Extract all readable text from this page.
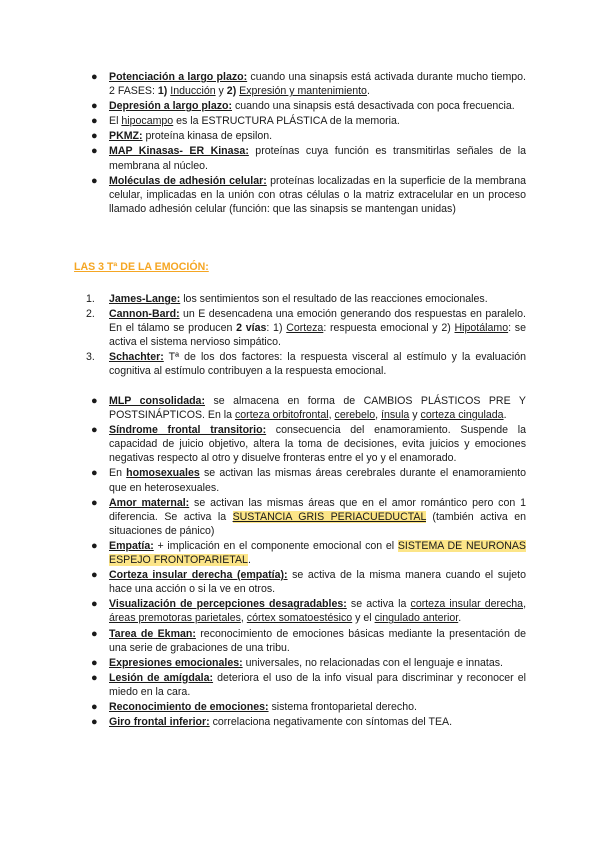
● Potenciación a largo plazo: cuando una sinapsis está activada durante mucho tiempo. 2 FASES: 1) Inducción y 2) Expresión y mantenimiento.
● Depresión a largo plazo: cuando una sinapsis está desactivada con poca frecuencia.
● El hipocampo es la ESTRUCTURA PLÁSTICA de la memoria.
● PKMZ: proteína kinasa de epsilon.
● MAP Kinasas- ER Kinasa: proteínas cuya función es transmitirlas señales de la membrana al núcleo.
● Moléculas de adhesión celular: proteínas localizadas en la superficie de la membrana celular, implicadas en la unión con otras células o la matriz extracelular en un proceso llamado adhesión celular (función: que las sinapsis se mantengan unidas)

LAS 3 Tª DE LA EMOCIÓN:

1. James-Lange: los sentimientos son el resultado de las reacciones emocionales.
2. Cannon-Bard: un E desencadena una emoción generando dos respuestas en paralelo. En el tálamo se producen 2 vías: 1) Corteza: respuesta emocional y 2) Hipotálamo: se activa el sistema nervioso simpático.
3. Schachter: Tª de los dos factores: la respuesta visceral al estímulo y la evaluación cognitiva al estímulo contribuyen a la respuesta emocional.
● MLP consolidada: se almacena en forma de CAMBIOS PLÁSTICOS PRE Y POSTSINÁPTICOS. En la corteza orbitofrontal, cerebelo, ínsula y corteza cingulada.
● Síndrome frontal transitorio: consecuencia del enamoramiento. Suspende la capacidad de juicio objetivo, altera la toma de decisiones, evita juicios y emociones negativas respecto al otro y disuelve fronteras entre el yo y el enamorado.
● En homosexuales se activan las mismas áreas cerebrales durante el enamoramiento que en heterosexuales.
● Amor maternal: se activan las mismas áreas que en el amor romántico pero con 1 diferencia. Se activa la SUSTANCIA GRIS PERIACUEDUCTAL (también activa en situaciones de pánico)
● Empatía: + implicación en el componente emocional con el SISTEMA DE NEURONAS ESPEJO FRONTOPARIETAL.
● Corteza insular derecha (empatía): se activa de la misma manera cuando el sujeto hace una acción o si la ve en otros.
● Visualización de percepciones desagradables: se activa la corteza insular derecha, áreas premotoras parietales, córtex somatoestésico y el cingulado anterior.
● Tarea de Ekman: reconocimiento de emociones básicas mediante la presentación de una serie de grabaciones de una tribu.
● Expresiones emocionales: universales, no relacionadas con el lenguaje e innatas.
● Lesión de amígdala: deteriora el uso de la info visual para discriminar y reconocer el miedo en la cara.
● Reconocimiento de emociones: sistema frontoparietal derecho.
● Giro frontal inferior: correlaciona negativamente con síntomas del TEA.
